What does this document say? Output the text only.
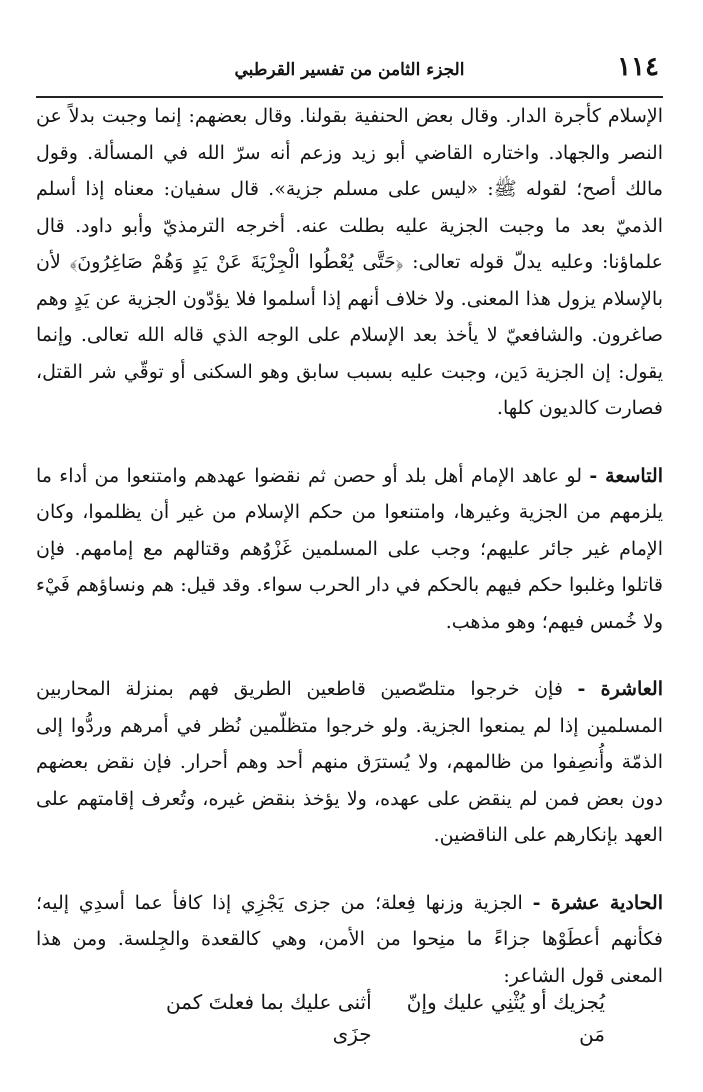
١١٤
الجزء الثامن من تفسير القرطبي

الإسلام كأجرة الدار. وقال بعض الحنفية بقولنا. وقال بعضهم: إنما وجبت بدلاً عن النصر والجهاد. واختاره القاضي أبو زيد وزعم أنه سرّ الله في المسألة. وقول مالك أصح؛ لقوله ﷺ: «ليس على مسلم جزية». قال سفيان: معناه إذا أسلم الذميّ بعد ما وجبت الجزية عليه بطلت عنه. أخرجه الترمذيّ وأبو داود. قال علماؤنا: وعليه يدلّ قوله تعالى: ﴿حَتَّى يُعْطُوا الْجِزْيَةَ عَنْ يَدٍ وَهُمْ صَاغِرُونَ﴾ لأن بالإسلام يزول هذا المعنى. ولا خلاف أنهم إذا أسلموا فلا يؤدّون الجزية عن يَدٍ وهم صاغرون. والشافعيّ لا يأخذ بعد الإسلام على الوجه الذي قاله الله تعالى. وإنما يقول: إن الجزية دَين، وجبت عليه بسبب سابق وهو السكنى أو توقّي شر القتل، فصارت كالديون كلها.

التاسعة - لو عاهد الإمام أهل بلد أو حصن ثم نقضوا عهدهم وامتنعوا من أداء ما يلزمهم من الجزية وغيرها، وامتنعوا من حكم الإسلام من غير أن يظلموا، وكان الإمام غير جائر عليهم؛ وجب على المسلمين غَزْوُهم وقتالهم مع إمامهم. فإن قاتلوا وغلبوا حكم فيهم بالحكم في دار الحرب سواء. وقد قيل: هم ونساؤهم فَيْء ولا خُمس فيهم؛ وهو مذهب.

العاشرة - فإن خرجوا متلصّصين قاطعين الطريق فهم بمنزلة المحاربين المسلمين إذا لم يمنعوا الجزية. ولو خرجوا متظلّمين نُظر في أمرهم وردُّوا إلى الذمّة وأُنصِفوا من ظالمهم، ولا يُسترَق منهم أحد وهم أحرار. فإن نقض بعضهم دون بعض فمن لم ينقض على عهده، ولا يؤخذ بنقض غيره، وتُعرف إقامتهم على العهد بإنكارهم على الناقضين.

الحادية عشرة - الجزية وزنها فِعلة؛ من جزى يَجْزِي إذا كافأ عما أسدِي إليه؛ فكأنهم أعطَوْها جزاءً ما منِحوا من الأمن، وهي كالقعدة والجِلسة. ومن هذا المعنى قول الشاعر:

يُجزيك أو يُثْنِي عليك وإنّ مَن
أثنى عليك بما فعلتَ كمن جزَى
